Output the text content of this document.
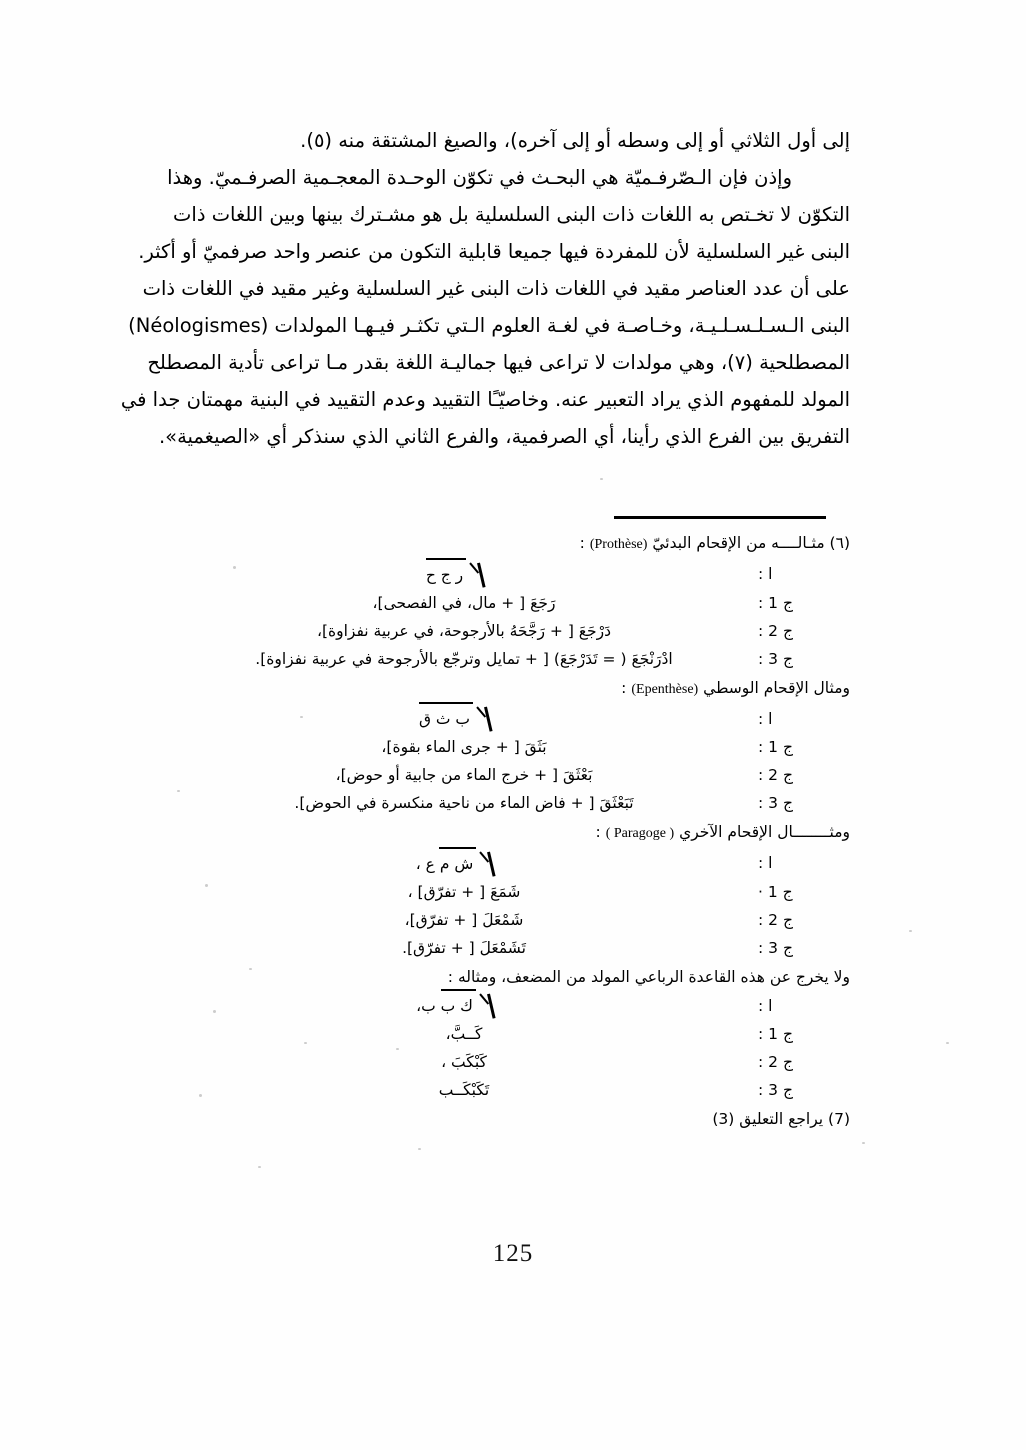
إلى أول الثلاثي أو إلى وسطه أو إلى آخره)، والصيغ المشتقة منه (٥).
وإذن فإن الـصّرفـميّة هي البحـث في تكوّن الوحـدة المعجـمية الصرفـميّ. وهذا
التكوّن لا تخـتص به اللغات ذات البنى السلسلية بل هو مشـترك بينها وبين اللغات ذات
البنى غير السلسلية لأن للمفردة فيها جميعا قابلية التكون من عنصر واحد صرفميّ أو أكثر.
على أن عدد العناصر مقيد في اللغات ذات البنى غير السلسلية وغير مقيد في اللغات ذات
البنى الـسـلـسـلـيـة، وخـاصـة في لغـة العلوم الـتي تكثـر فيـهـا المولدات (Néologismes)
المصطلحية (٧)، وهي مولدات لا تراعى فيها جماليـة اللغة بقدر مـا تراعى تأدية المصطلح
المولد للمفهوم الذي يراد التعبير عنه. وخاصيّـًا التقييد وعدم التقييد في البنية مهمتان جدا في
التفريق بين الفرع الذي رأينا، أي الصرفمية، والفرع الثاني الذي سنذكر أي «الصيغمية».
(٦) مثـالــــه من الإقحام البدئيّ (Prothèse) :
ا :
ر ج ح
ج 1 :
رَجَعَ [ + مال، في الفصحى]،
ج 2 :
دَرْجَعَ [ + رَجَّحَهُ بالأرجوحة، في عربية نفزاوة]،
ج 3 :
ادْرَنْجَعَ ( = تَدَرْجَعَ) [ + تمايل وترجّع بالأرجوحة في عربية نفزاوة].
ومثال الإقحام الوسطي (Epenthèse) :
ا :
ب ث ق
ج 1 :
بَثَقَ [ + جرى الماء بقوة]،
ج 2 :
بَعْثَقَ [ + خرج الماء من جابية أو حوض]،
ج 3 :
تَبَعْثَقَ [ + فاض الماء من ناحية منكسرة في الحوض].
ومثــــــــال الإقحام الآخري ( Paragoge ) :
ا :
ش م ع ،
ج 1 ·
شَمَعَ [ + تفرّق] ،
ج 2 :
شَمْعَلَ [ + تفرّق]،
ج 3 :
تَشَمْعَلَ [ + تفرّق].
ولا يخرج عن هذه القاعدة الرباعي المولد من المضعف، ومثاله :
ا :
ك ب ب،
ج 1 :
كَــبَّ،
ج 2 :
كَبْكَبَ ،
ج 3 :
تَكَبْكَــب
(7) يراجع التعليق (3)
125
